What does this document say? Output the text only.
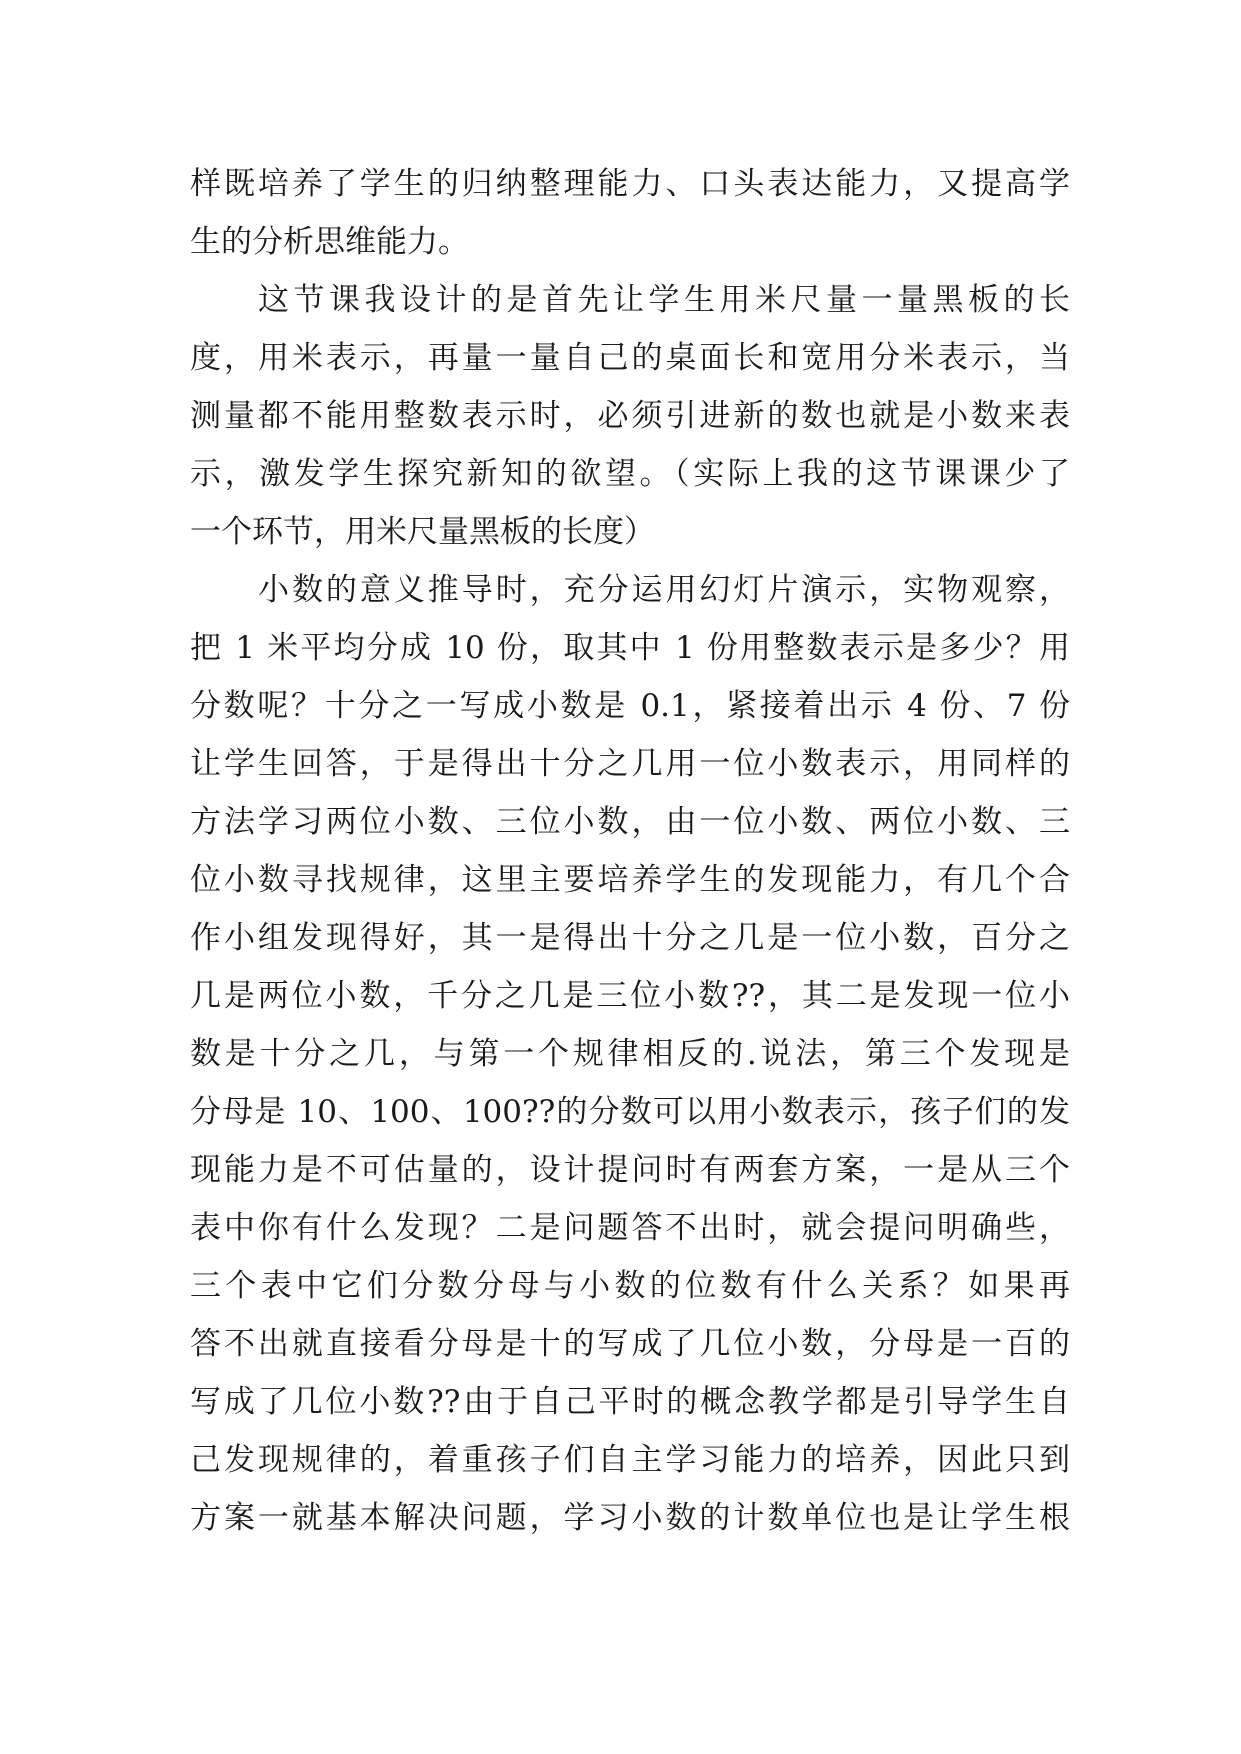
样既培养了学生的归纳整理能力、口头表达能力，又提高学
生的分析思维能力。
这节课我设计的是首先让学生用米尺量一量黑板的长
度，用米表示，再量一量自己的桌面长和宽用分米表示，当
测量都不能用整数表示时，必须引进新的数也就是小数来表
示，激发学生探究新知的欲望。（实际上我的这节课课少了
一个环节，用米尺量黑板的长度）
小数的意义推导时，充分运用幻灯片演示，实物观察，
把 1 米平均分成 10 份，取其中 1 份用整数表示是多少？用
分数呢？十分之一写成小数是 0.1，紧接着出示 4 份、7 份
让学生回答，于是得出十分之几用一位小数表示，用同样的
方法学习两位小数、三位小数，由一位小数、两位小数、三
位小数寻找规律，这里主要培养学生的发现能力，有几个合
作小组发现得好，其一是得出十分之几是一位小数，百分之
几是两位小数，千分之几是三位小数??，其二是发现一位小
数是十分之几，与第一个规律相反的.说法，第三个发现是
分母是 10、100、100??的分数可以用小数表示，孩子们的发
现能力是不可估量的，设计提问时有两套方案，一是从三个
表中你有什么发现？二是问题答不出时，就会提问明确些，
三个表中它们分数分母与小数的位数有什么关系？如果再
答不出就直接看分母是十的写成了几位小数，分母是一百的
写成了几位小数??由于自己平时的概念教学都是引导学生自
己发现规律的，着重孩子们自主学习能力的培养，因此只到
方案一就基本解决问题，学习小数的计数单位也是让学生根
